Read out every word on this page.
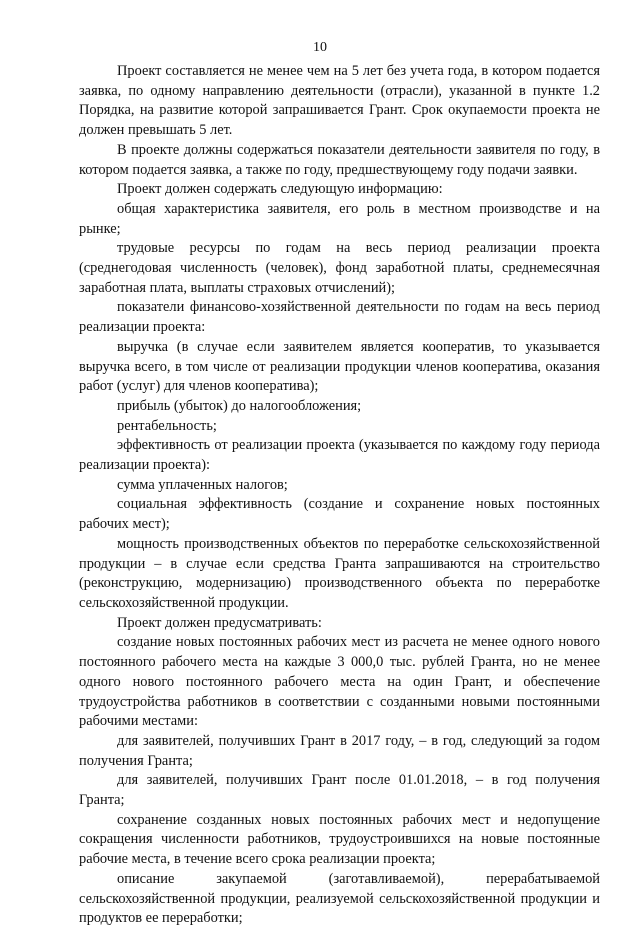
10

Проект составляется не менее чем на 5 лет без учета года, в котором подается заявка, по одному направлению деятельности (отрасли), указанной в пункте 1.2 Порядка, на развитие которой запрашивается Грант. Срок окупаемости проекта не должен превышать 5 лет.

В проекте должны содержаться показатели деятельности заявителя по году, в котором подается заявка, а также по году, предшествующему году подачи заявки.

Проект должен содержать следующую информацию:

общая характеристика заявителя, его роль в местном производстве и на рынке;

трудовые ресурсы по годам на весь период реализации проекта (среднегодовая численность (человек), фонд заработной платы, среднемесячная заработная плата, выплаты страховых отчислений);

показатели финансово-хозяйственной деятельности по годам на весь период реализации проекта:

выручка (в случае если заявителем является кооператив, то указывается выручка всего, в том числе от реализации продукции членов кооператива, оказания работ (услуг) для членов кооператива);

прибыль (убыток) до налогообложения;

рентабельность;

эффективность от реализации проекта (указывается по каждому году периода реализации проекта):

сумма уплаченных налогов;

социальная эффективность (создание и сохранение новых постоянных рабочих мест);

мощность производственных объектов по переработке сельскохозяйственной продукции – в случае если средства Гранта запрашиваются на строительство (реконструкцию, модернизацию) производственного объекта по переработке сельскохозяйственной продукции.

Проект должен предусматривать:

создание новых постоянных рабочих мест из расчета не менее одного нового постоянного рабочего места на каждые 3 000,0 тыс. рублей Гранта, но не менее одного нового постоянного рабочего места на один Грант, и обеспечение трудоустройства работников в соответствии с созданными новыми постоянными рабочими местами:

для заявителей, получивших Грант в 2017 году, – в год, следующий за годом получения Гранта;

для заявителей, получивших Грант после 01.01.2018, – в год получения Гранта;

сохранение созданных новых постоянных рабочих мест и недопущение сокращения численности работников, трудоустроившихся на новые постоянные рабочие места, в течение всего срока реализации проекта;

описание закупаемой (заготавливаемой), перерабатываемой сельскохозяйственной продукции, реализуемой сельскохозяйственной продукции и продуктов ее переработки;
